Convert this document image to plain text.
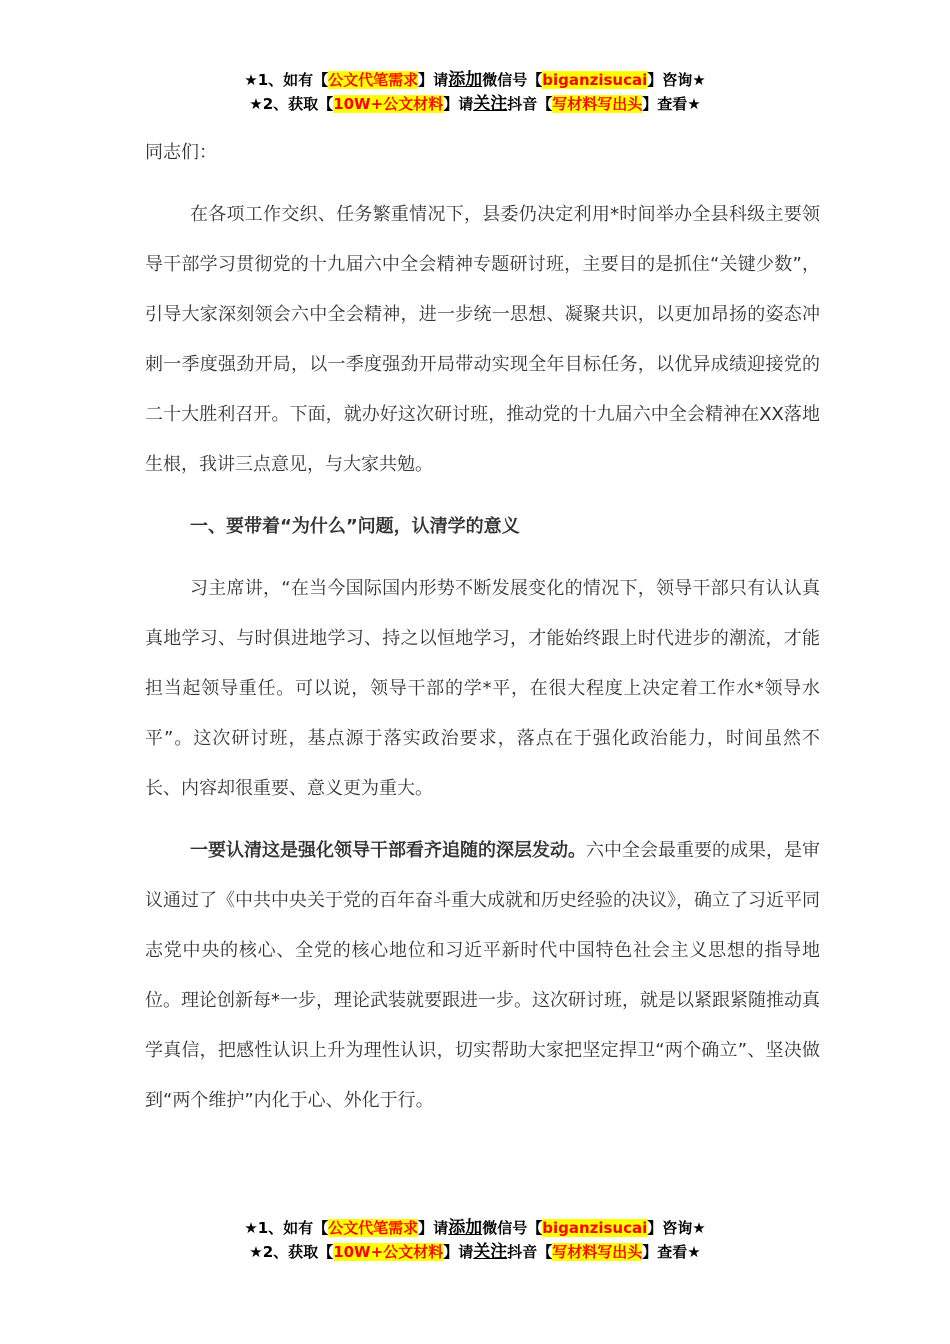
★1、如有【公文代笔需求】请添加微信号【biganzisucai】咨询★
★2、获取【10W+公文材料】请关注抖音【写材料写出头】查看★

同志们：

在各项工作交织、任务繁重情况下，县委仍决定利用*时间举办全县科级主要领导干部学习贯彻党的十九届六中全会精神专题研讨班，主要目的是抓住“关键少数”，引导大家深刻领会六中全会精神，进一步统一思想、凝聚共识，以更加昂扬的姿态冲刺一季度强劲开局，以一季度强劲开局带动实现全年目标任务，以优异成绩迎接党的二十大胜利召开。下面，就办好这次研讨班，推动党的十九届六中全会精神在XX落地生根，我讲三点意见，与大家共勉。

一、要带着“为什么”问题，认清学的意义

习主席讲，“在当今国际国内形势不断发展变化的情况下，领导干部只有认认真真地学习、与时俱进地学习、持之以恒地学习，才能始终跟上时代进步的潮流，才能担当起领导重任。可以说，领导干部的学*平，在很大程度上决定着工作水*领导水平”。这次研讨班，基点源于落实政治要求，落点在于强化政治能力，时间虽然不长、内容却很重要、意义更为重大。

一要认清这是强化领导干部看齐追随的深层发动。六中全会最重要的成果，是审议通过了《中共中央关于党的百年奋斗重大成就和历史经验的决议》，确立了习近平同志党中央的核心、全党的核心地位和习近平新时代中国特色社会主义思想的指导地位。理论创新每*一步，理论武装就要跟进一步。这次研讨班，就是以紧跟紧随推动真学真信，把感性认识上升为理性认识，切实帮助大家把坚定捍卫“两个确立”、坚决做到“两个维护”内化于心、外化于行。

★1、如有【公文代笔需求】请添加微信号【biganzisucai】咨询★
★2、获取【10W+公文材料】请关注抖音【写材料写出头】查看★
